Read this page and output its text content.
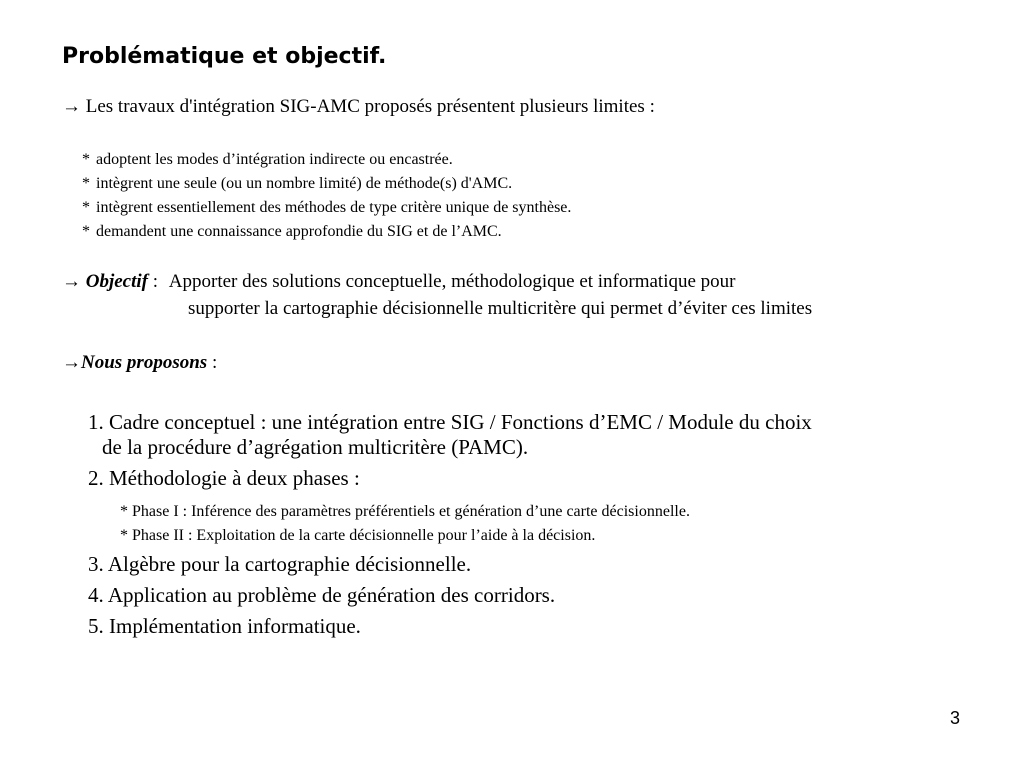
Problématique et objectif.
→ Les travaux d'intégration SIG-AMC proposés présentent plusieurs limites :
* adoptent les modes d’intégration indirecte ou encastrée.
* intègrent une seule (ou un nombre limité) de méthode(s) d'AMC.
* intègrent essentiellement des méthodes de type critère unique de synthèse.
* demandent une connaissance approfondie du SIG et de l’AMC.
→ Objectif : Apporter des solutions conceptuelle, méthodologique et informatique pour
supporter la cartographie décisionnelle multicritère qui permet d’éviter ces limites
→Nous proposons :
1. Cadre conceptuel : une intégration entre SIG / Fonctions d’EMC / Module du choix
de la procédure d’agrégation multicritère (PAMC).
2. Méthodologie à deux phases :
* Phase I : Inférence des paramètres préférentiels et génération d’une carte décisionnelle.
* Phase II : Exploitation de la carte décisionnelle pour l’aide à la décision.
3. Algèbre pour la cartographie décisionnelle.
4. Application au problème de génération des corridors.
5. Implémentation informatique.
3
